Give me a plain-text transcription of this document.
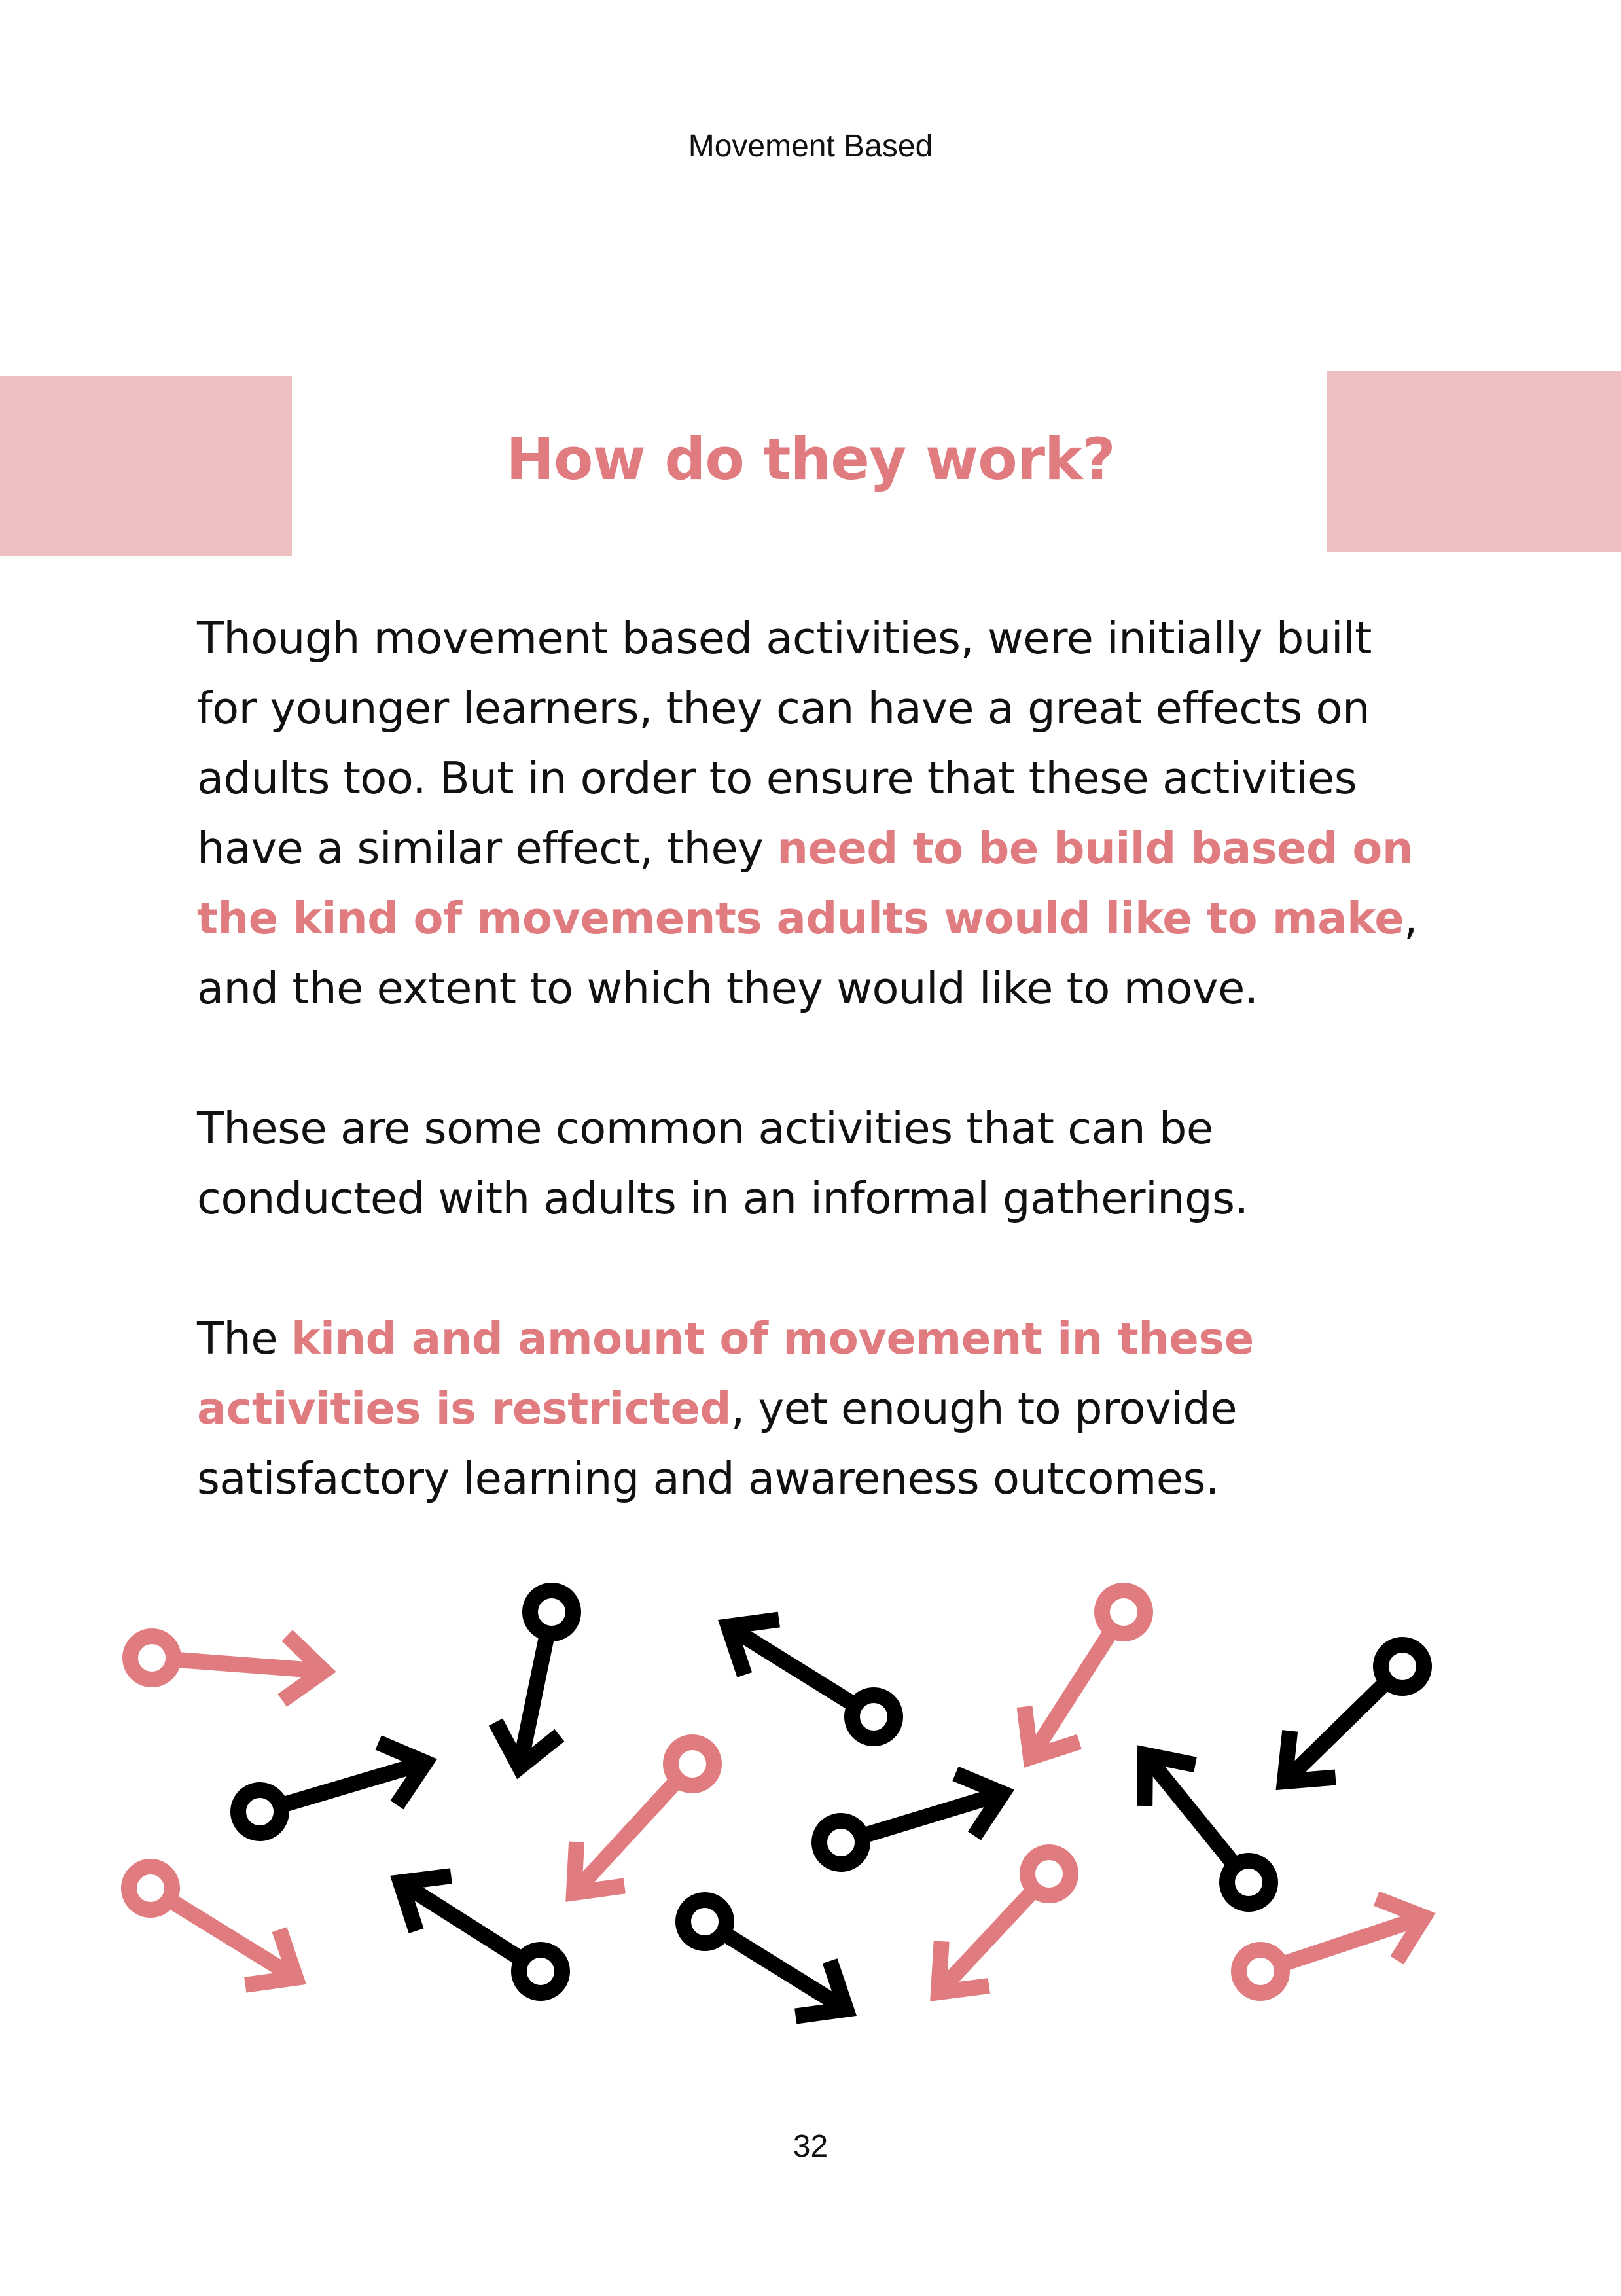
Movement Based

How do they work?

Though movement based activities, were initially built for younger learners, they can have a great effects on adults too. But in order to ensure that these activities have a similar effect, they need to be build based on the kind of movements adults would like to make, and the extent to which they would like to move.

These are some common activities that can be conducted with adults in an informal gatherings.

The kind and amount of movement in these activities is restricted, yet enough to provide satisfactory learning and awareness outcomes.

32
